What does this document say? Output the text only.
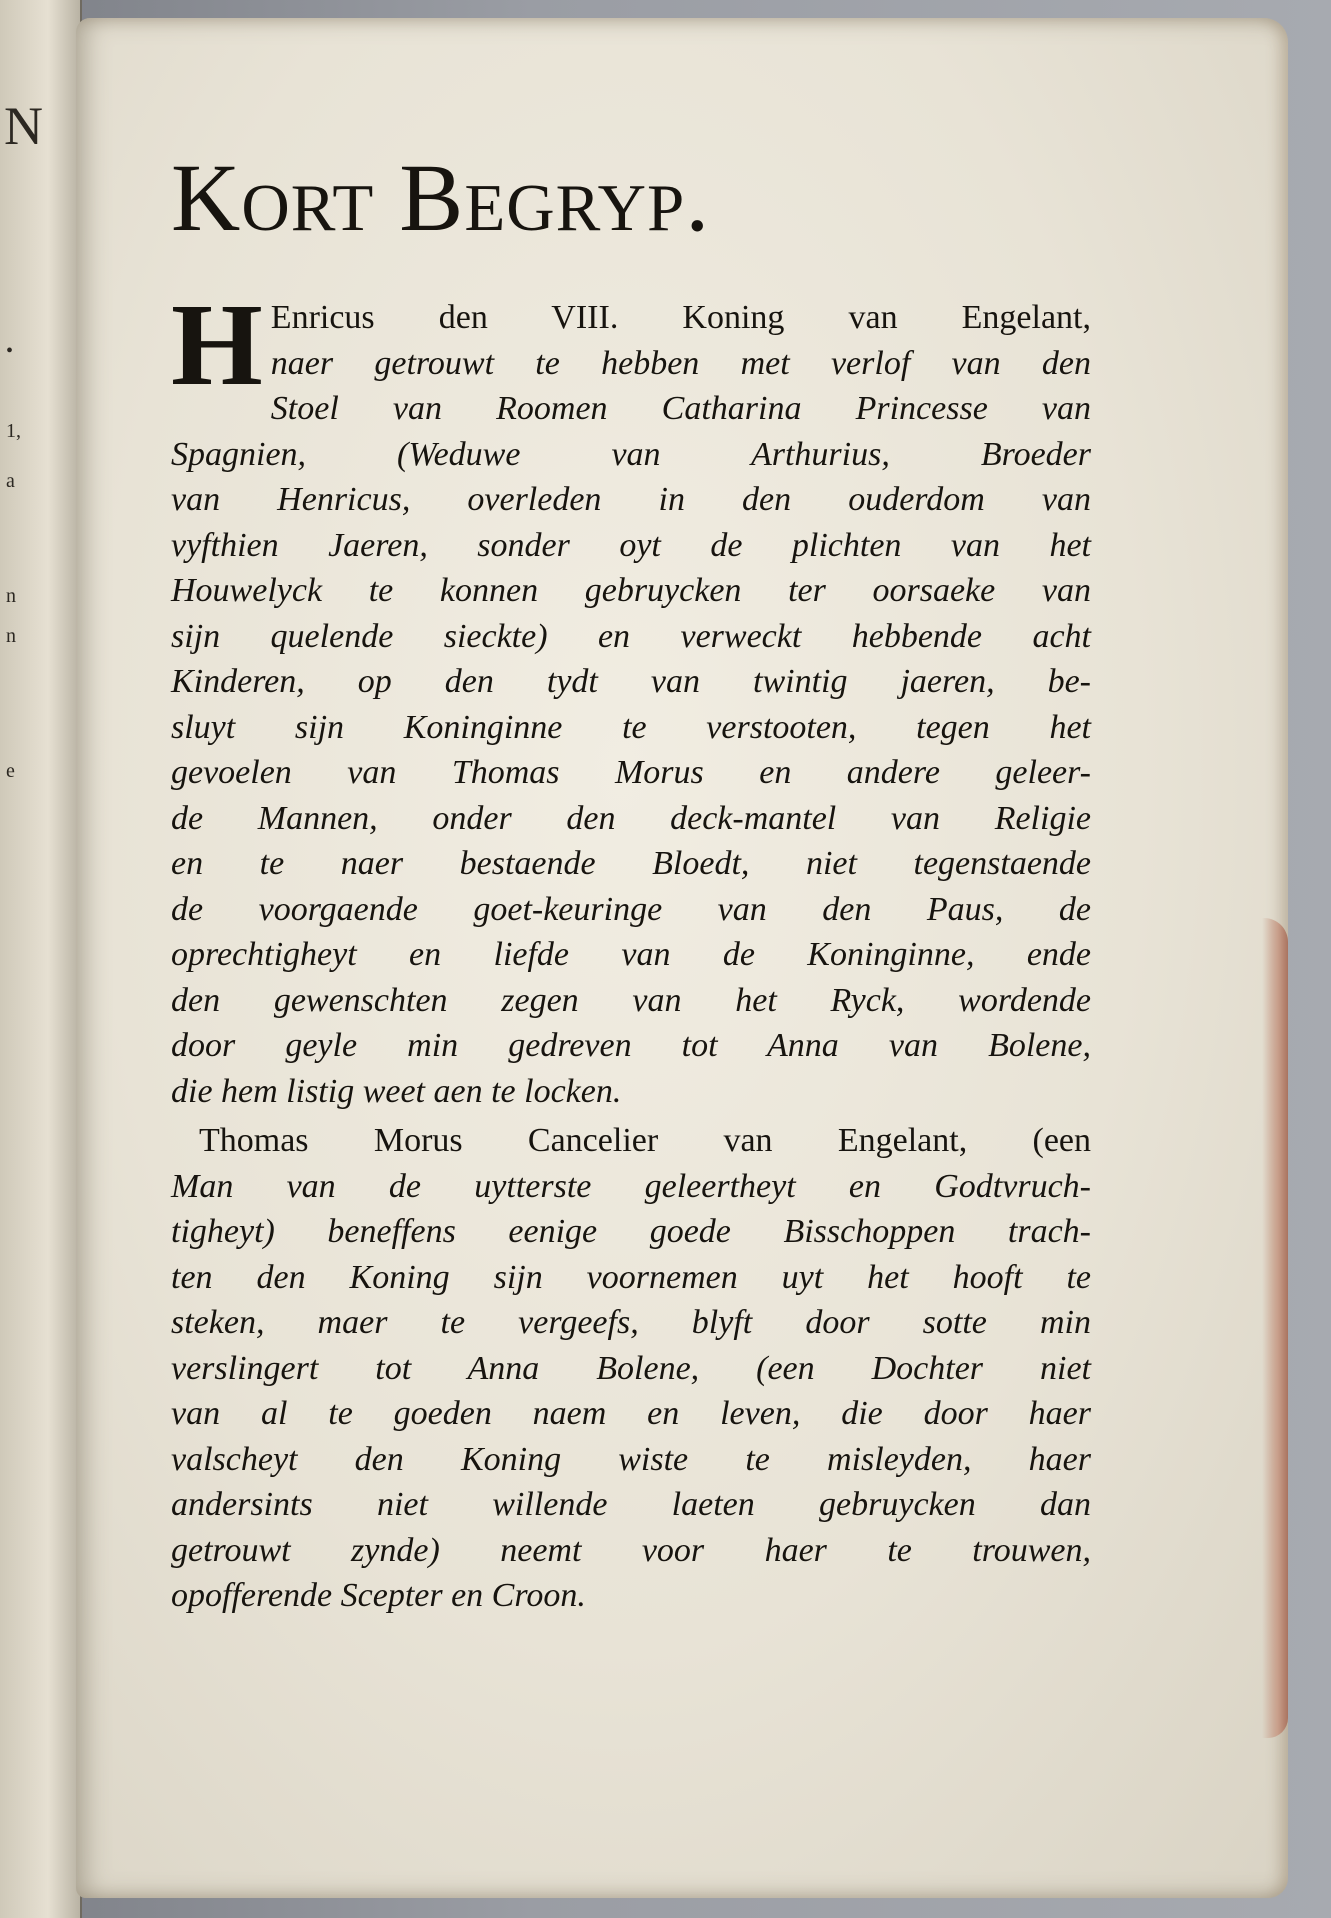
N
•
1,
a
n
n
e
Kort Begryp.
H Enricus den VIII. Koning van Engelant,
naer getrouwt te hebben met verlof van den
Stoel van Roomen Catharina Princesse van
Spagnien, (Weduwe van Arthurius, Broeder
van Henricus, overleden in den ouderdom van
vyfthien Jaeren, sonder oyt de plichten van het
Houwelyck te konnen gebruycken ter oorsaeke van
sijn quelende sieckte) en verweckt hebbende acht
Kinderen, op den tydt van twintig jaeren, be-
sluyt sijn Koninginne te verstooten, tegen het
gevoelen van Thomas Morus en andere geleer-
de Mannen, onder den deck-mantel van Religie
en te naer bestaende Bloedt, niet tegenstaende
de voorgaende goet-keuringe van den Paus, de
oprechtigheyt en liefde van de Koninginne, ende
den gewenschten zegen van het Ryck, wordende
door geyle min gedreven tot Anna van Bolene,
die hem listig weet aen te locken.
Thomas Morus Cancelier van Engelant, (een
Man van de uytterste geleertheyt en Godtvruch-
tigheyt) beneffens eenige goede Bisschoppen trach-
ten den Koning sijn voornemen uyt het hooft te
steken, maer te vergeefs, blyft door sotte min
verslingert tot Anna Bolene, (een Dochter niet
van al te goeden naem en leven, die door haer
valscheyt den Koning wiste te misleyden, haer
andersints niet willende laeten gebruycken dan
getrouwt zynde) neemt voor haer te trouwen,
opofferende Scepter en Croon.
